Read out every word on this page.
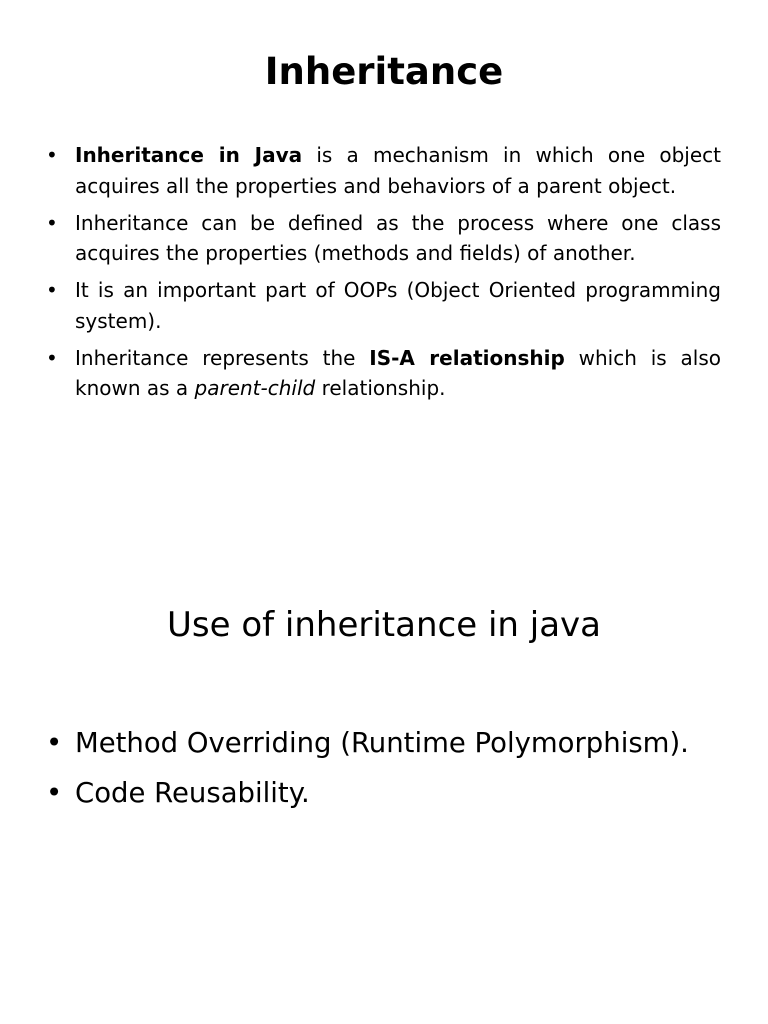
Inheritance
• Inheritance in Java is a mechanism in which one object acquires all the properties and behaviors of a parent object.
• Inheritance can be defined as the process where one class acquires the properties (methods and fields) of another.
• It is an important part of OOPs (Object Oriented programming system).
• Inheritance represents the IS-A relationship which is also known as a parent-child relationship.
Use of inheritance in java
• Method Overriding (Runtime Polymorphism).
• Code Reusability.
